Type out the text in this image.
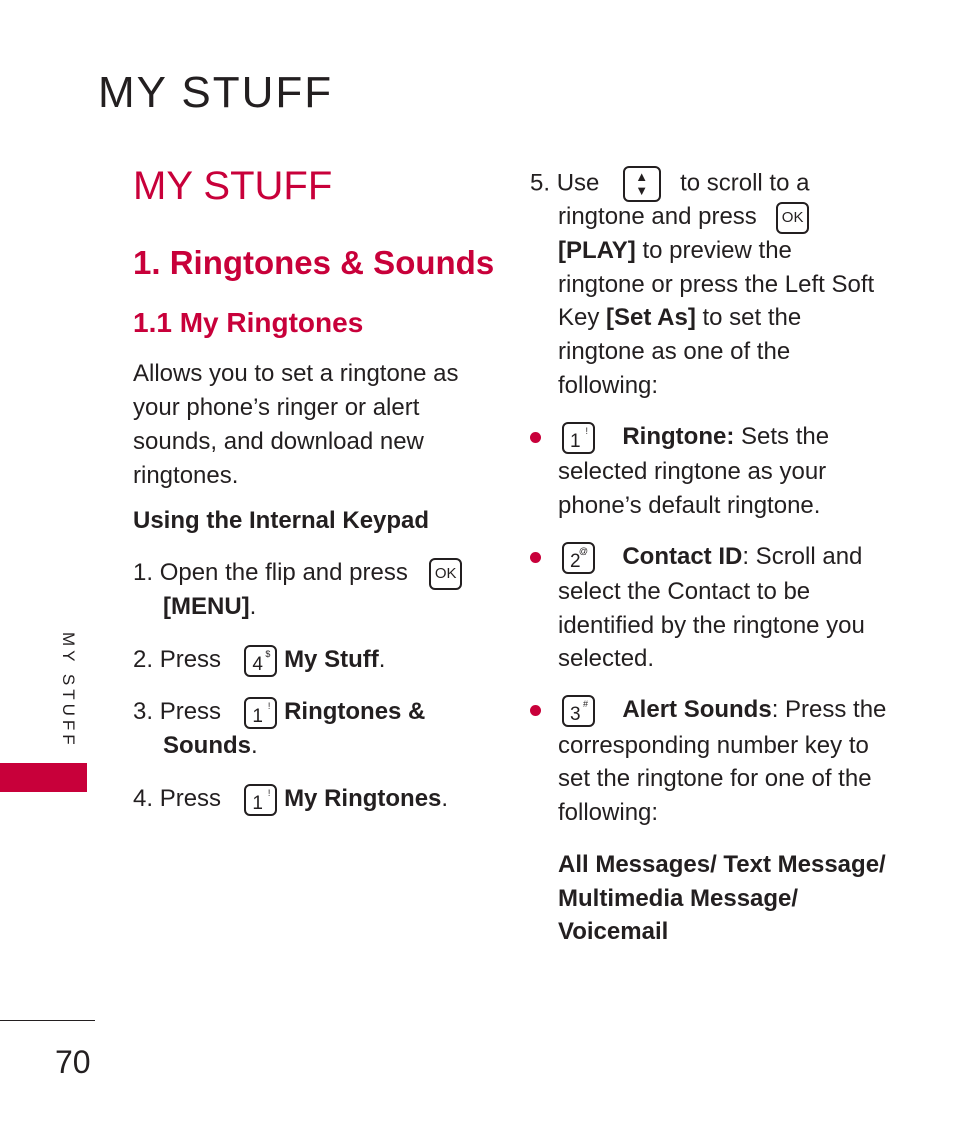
MY STUFF
MY STUFF
1. Ringtones & Sounds
1.1 My Ringtones
Allows you to set a ringtone as your phone’s ringer or alert sounds, and download new ringtones.
Using the Internal Keypad
1. Open the flip and press OK
[MENU].
2. Press 4 $ My Stuff.
3. Press 1 ! Ringtones &
Sounds.
4. Press 1 ! My Ringtones.
5. Use	▲
▼ to scroll to a
ringtone and press OK
[PLAY] to preview the
ringtone or press the Left Soft
Key [Set As] to set the
ringtone as one of the
following:
1 ! Ringtone: Sets the
selected ringtone as your
phone’s default ringtone.
2
@ Contact ID: Scroll and
select the Contact to be
identified by the ringtone you
selected.
3 # Alert Sounds: Press the
corresponding number key to
set the ringtone for one of the
following:
All Messages/ Text Message/
Multimedia Message/
Voicemail
MY STUFF
70
